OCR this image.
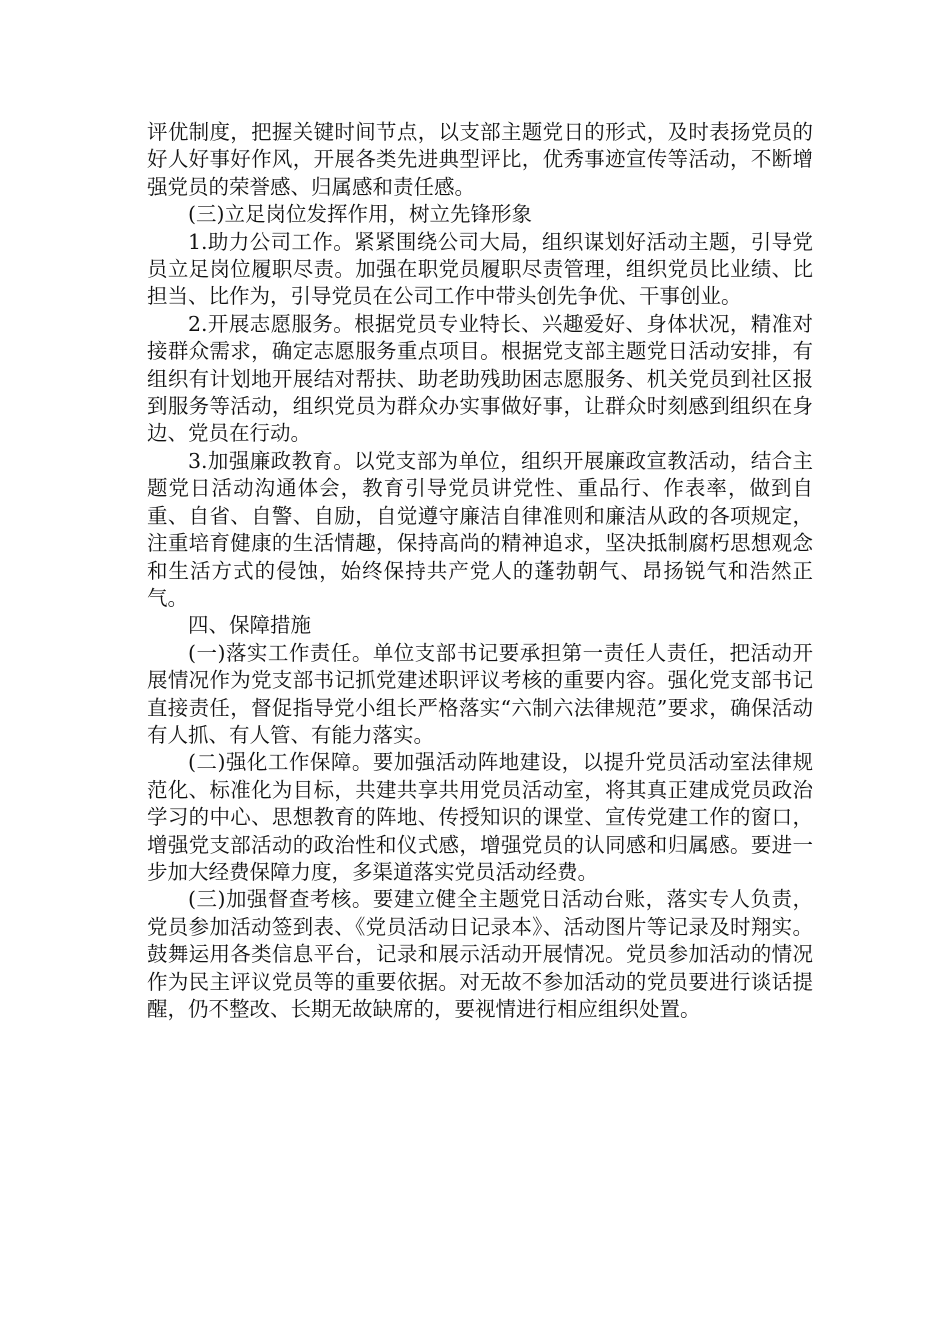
评优制度，把握关键时间节点，以支部主题党日的形式，及时表扬党员的好人好事好作风，开展各类先进典型评比，优秀事迹宣传等活动，不断增强党员的荣誉感、归属感和责任感。

(三)立足岗位发挥作用，树立先锋形象

1.助力公司工作。紧紧围绕公司大局，组织谋划好活动主题，引导党员立足岗位履职尽责。加强在职党员履职尽责管理，组织党员比业绩、比担当、比作为，引导党员在公司工作中带头创先争优、干事创业。

2.开展志愿服务。根据党员专业特长、兴趣爱好、身体状况，精准对接群众需求，确定志愿服务重点项目。根据党支部主题党日活动安排，有组织有计划地开展结对帮扶、助老助残助困志愿服务、机关党员到社区报到服务等活动，组织党员为群众办实事做好事，让群众时刻感到组织在身边、党员在行动。

3.加强廉政教育。以党支部为单位，组织开展廉政宣教活动，结合主题党日活动沟通体会，教育引导党员讲党性、重品行、作表率，做到自重、自省、自警、自励，自觉遵守廉洁自律准则和廉洁从政的各项规定，注重培育健康的生活情趣，保持高尚的精神追求，坚决抵制腐朽思想观念和生活方式的侵蚀，始终保持共产党人的蓬勃朝气、昂扬锐气和浩然正气。

四、保障措施

(一)落实工作责任。单位支部书记要承担第一责任人责任，把活动开展情况作为党支部书记抓党建述职评议考核的重要内容。强化党支部书记直接责任，督促指导党小组长严格落实“六制六法律规范”要求，确保活动有人抓、有人管、有能力落实。

(二)强化工作保障。要加强活动阵地建设，以提升党员活动室法律规范化、标准化为目标，共建共享共用党员活动室，将其真正建成党员政治学习的中心、思想教育的阵地、传授知识的课堂、宣传党建工作的窗口，增强党支部活动的政治性和仪式感，增强党员的认同感和归属感。要进一步加大经费保障力度，多渠道落实党员活动经费。

(三)加强督查考核。要建立健全主题党日活动台账，落实专人负责，党员参加活动签到表、《党员活动日记录本》、活动图片等记录及时翔实。鼓舞运用各类信息平台，记录和展示活动开展情况。党员参加活动的情况作为民主评议党员等的重要依据。对无故不参加活动的党员要进行谈话提醒，仍不整改、长期无故缺席的，要视情进行相应组织处置。
